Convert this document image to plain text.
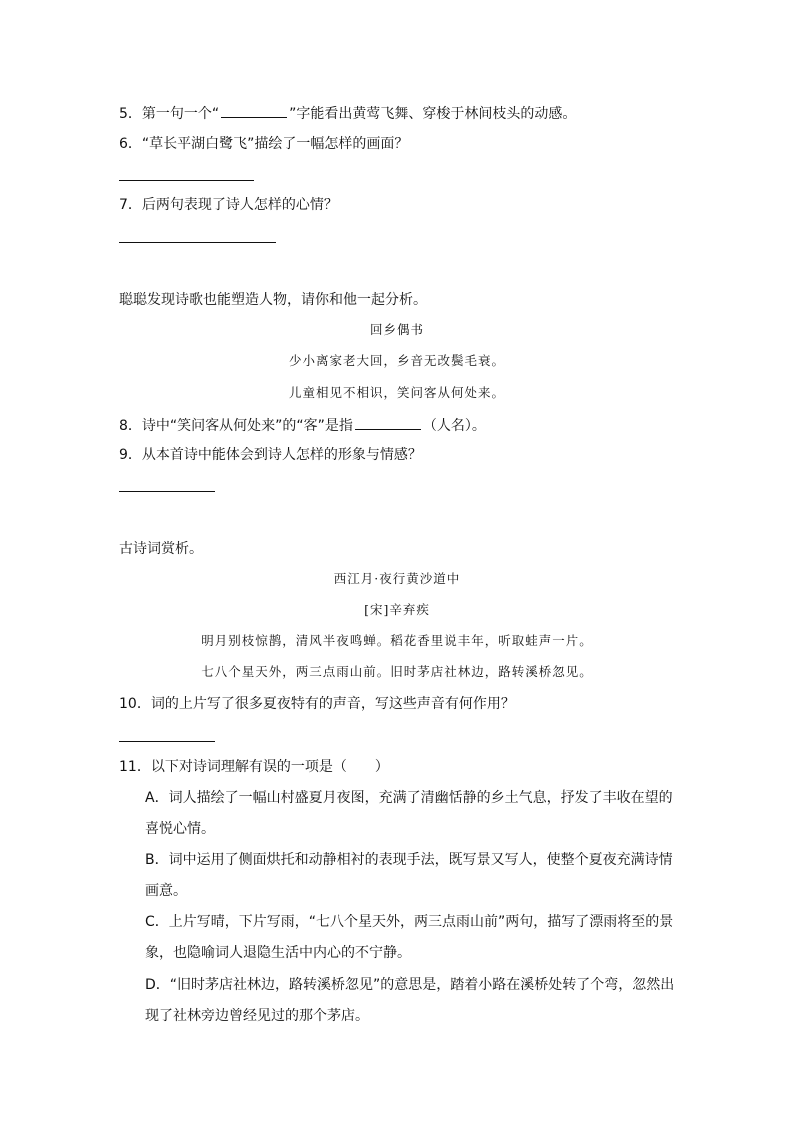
5．第一句一个“	”字能看出黄莺飞舞、穿梭于林间枝头的动感。
6．“草长平湖白鹭飞”描绘了一幅怎样的画面？
7．后两句表现了诗人怎样的心情？
聪聪发现诗歌也能塑造人物，请你和他一起分析。
回乡偶书
少小离家老大回，乡音无改鬓毛衰。
儿童相见不相识，笑问客从何处来。
8．诗中“笑问客从何处来”的“客”是指	（人名）。
9．从本首诗中能体会到诗人怎样的形象与情感？
古诗词赏析。
西江月·夜行黄沙道中
[宋]辛弃疾
明月别枝惊鹊，清风半夜鸣蝉。稻花香里说丰年，听取蛙声一片。
七八个星天外，两三点雨山前。旧时茅店社林边，路转溪桥忽见。
10．词的上片写了很多夏夜特有的声音，写这些声音有何作用？
11．以下对诗词理解有误的一项是（　　）
A．词人描绘了一幅山村盛夏月夜图，充满了清幽恬静的乡土气息，抒发了丰收在望的
喜悦心情。
B．词中运用了侧面烘托和动静相衬的表现手法，既写景又写人，使整个夏夜充满诗情
画意。
C．上片写晴，下片写雨，“七八个星天外，两三点雨山前”两句，描写了漂雨将至的景
象，也隐喻词人退隐生活中内心的不宁静。
D．“旧时茅店社林边，路转溪桥忽见”的意思是，踏着小路在溪桥处转了个弯，忽然出
现了社林旁边曾经见过的那个茅店。
